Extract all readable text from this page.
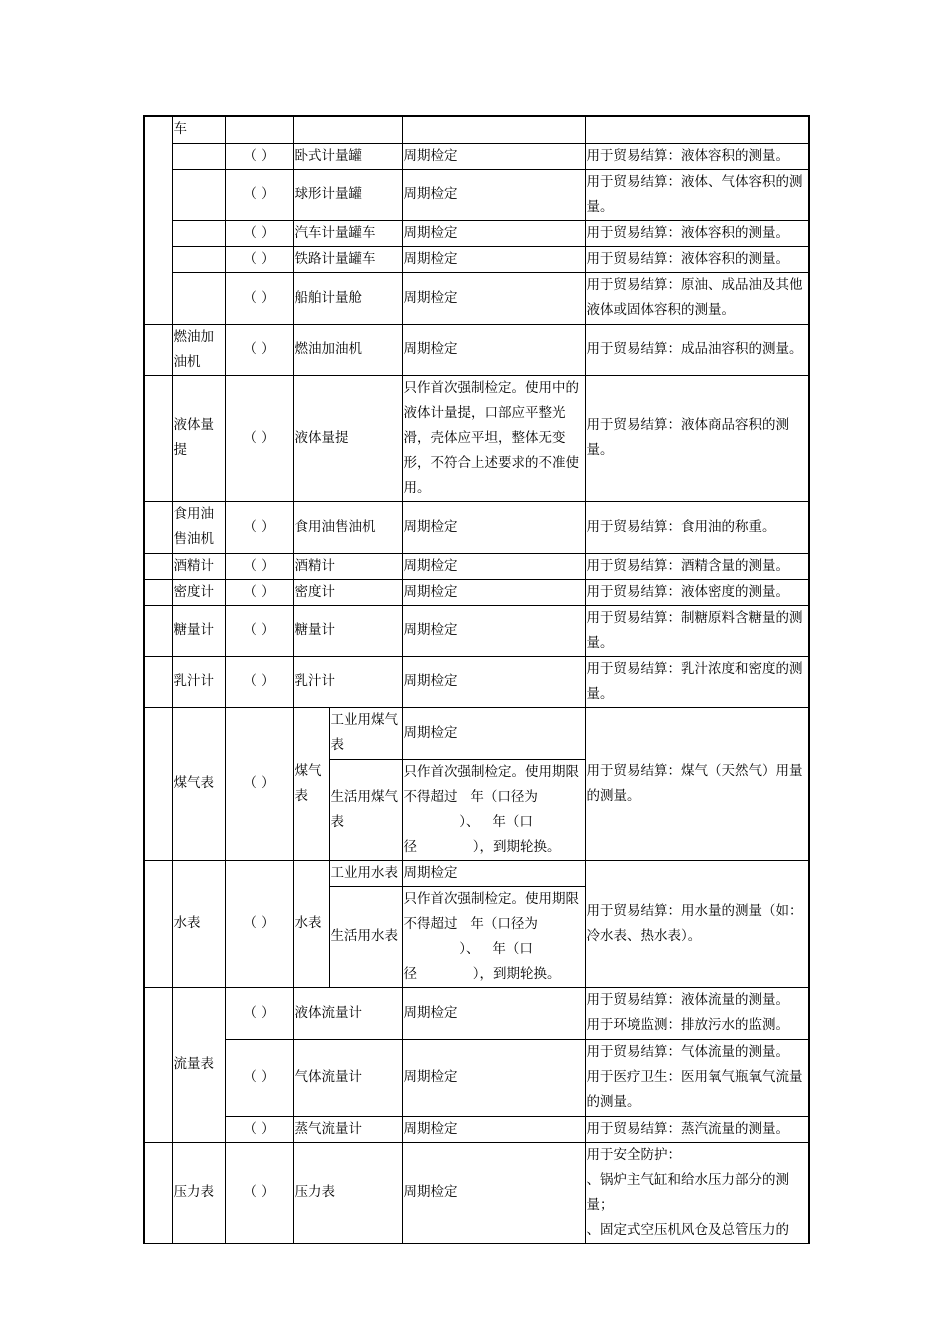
	车					
		（ ）	卧式计量罐		周期检定	用于贸易结算：液体容积的测量。
		（ ）	球形计量罐		周期检定	用于贸易结算：液体、气体容积的测量。
		（ ）	汽车计量罐车		周期检定	用于贸易结算：液体容积的测量。
		（ ）	铁路计量罐车		周期检定	用于贸易结算：液体容积的测量。
		（ ）	船舶计量舱		周期检定	用于贸易结算：原油、成品油及其他液体或固体容积的测量。
	燃油加油机	（ ）	燃油加油机		周期检定	用于贸易结算：成品油容积的测量。
	液体量提	（ ）	液体量提		只作首次强制检定。使用中的液体计量提，口部应平整光滑，壳体应平坦，整体无变形，不符合上述要求的不准使用。	用于贸易结算：液体商品容积的测量。
	食用油售油机	（ ）	食用油售油机		周期检定	用于贸易结算：食用油的称重。
	酒精计	（ ）	酒精计		周期检定	用于贸易结算：酒精含量的测量。
	密度计	（ ）	密度计		周期检定	用于贸易结算：液体密度的测量。
	糖量计	（ ）	糖量计		周期检定	用于贸易结算：制糖原料含糖量的测量。
	乳汁计	（ ）	乳汁计		周期检定	用于贸易结算：乳汁浓度和密度的测量。
	煤气表	（ ）	煤气表	工业用煤气表	周期检定	用于贸易结算：煤气（天然气）用量的测量。
				生活用煤气表	只作首次强制检定。使用期限不得超过 年（口径为
）、 年（口
径 ），到期轮换。	
	水表	（ ）	水表	工业用水表	周期检定	用于贸易结算：用水量的测量（如：冷水表、热水表）。
				生活用水表	只作首次强制检定。使用期限不得超过 年（口径为
）、 年（口
径 ），到期轮换。	
	流量表	（ ）	液体流量计		周期检定	用于贸易结算：液体流量的测量。
用于环境监测：排放污水的监测。

		（ ）	气体流量计		周期检定	用于贸易结算：气体流量的测量。
用于医疗卫生：医用氧气瓶氧气流量的测量。

		（ ）	蒸气流量计		周期检定	用于贸易结算：蒸汽流量的测量。
	压力表	（ ）	压力表		周期检定	用于安全防护：
、锅炉主气缸和给水压力部分的测量；
、固定式空压机风仓及总管压力的
